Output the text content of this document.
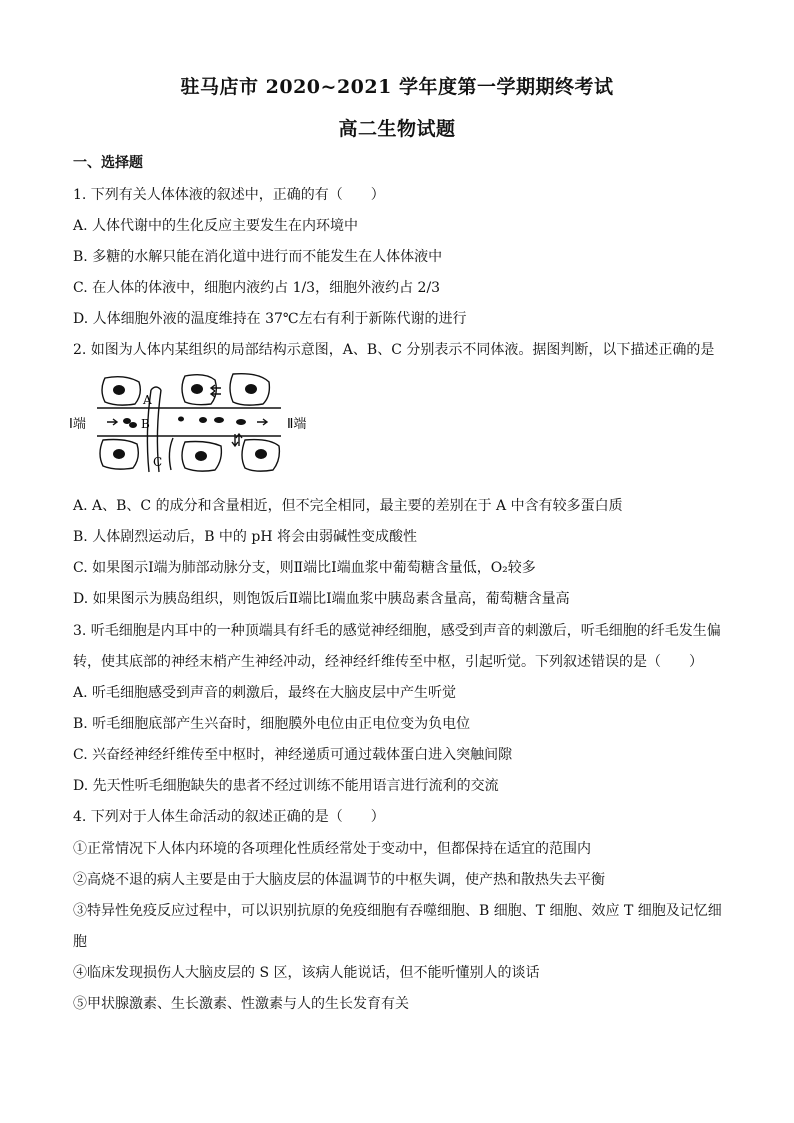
驻马店市 2020~2021 学年度第一学期期终考试
高二生物试题
一、选择题
1. 下列有关人体体液的叙述中，正确的有（　　）
A. 人体代谢中的生化反应主要发生在内环境中
B. 多糖的水解只能在消化道中进行而不能发生在人体体液中
C. 在人体的体液中，细胞内液约占 1/3，细胞外液约占 2/3
D. 人体细胞外液的温度维持在 37℃左右有利于新陈代谢的进行
2. 如图为人体内某组织的局部结构示意图，A、B、C 分别表示不同体液。据图判断，以下描述正确的是
Ⅰ端	Ⅱ端
A
B
C
A. A、B、C 的成分和含量相近，但不完全相同，最主要的差别在于 A 中含有较多蛋白质
B. 人体剧烈运动后，B 中的 pH 将会由弱碱性变成酸性
C. 如果图示Ⅰ端为肺部动脉分支，则Ⅱ端比Ⅰ端血浆中葡萄糖含量低，O₂较多
D. 如果图示为胰岛组织，则饱饭后Ⅱ端比Ⅰ端血浆中胰岛素含量高，葡萄糖含量高
3. 听毛细胞是内耳中的一种顶端具有纤毛的感觉神经细胞，感受到声音的刺激后，听毛细胞的纤毛发生偏
转，使其底部的神经末梢产生神经冲动，经神经纤维传至中枢，引起听觉。下列叙述错误的是（　　）
A. 听毛细胞感受到声音的刺激后，最终在大脑皮层中产生听觉
B. 听毛细胞底部产生兴奋时，细胞膜外电位由正电位变为负电位
C. 兴奋经神经纤维传至中枢时，神经递质可通过载体蛋白进入突触间隙
D. 先天性听毛细胞缺失的患者不经过训练不能用语言进行流利的交流
4. 下列对于人体生命活动的叙述正确的是（　　）
①正常情况下人体内环境的各项理化性质经常处于变动中，但都保持在适宜的范围内
②高烧不退的病人主要是由于大脑皮层的体温调节的中枢失调，使产热和散热失去平衡
③特异性免疫反应过程中，可以识别抗原的免疫细胞有吞噬细胞、B 细胞、T 细胞、效应 T 细胞及记忆细
胞
④临床发现损伤人大脑皮层的 S 区，该病人能说话，但不能听懂别人的谈话
⑤甲状腺激素、生长激素、性激素与人的生长发育有关
